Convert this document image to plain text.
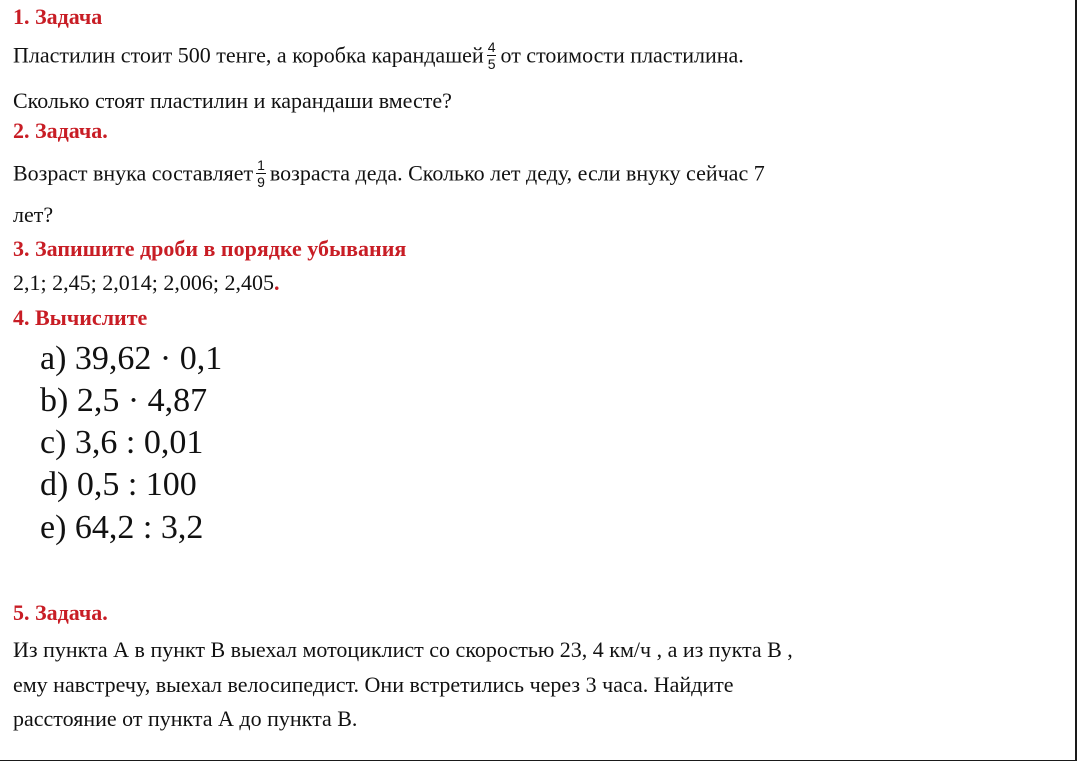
1. Задача
Пластилин стоит 500 тенге, а коробка карандашей $\frac{4}{5}$ от стоимости пластилина.
Сколько стоят пластилин и карандаши вместе?
2. Задача.
Возраст внука составляет $\frac{1}{9}$ возраста деда. Сколько лет деду, если внуку сейчас 7
лет?
3. Запишите дроби в порядке убывания
2,1; 2,45; 2,014; 2,006; 2,405.
4. Вычислите
a) 39,62 · 0,1
b) 2,5 · 4,87
c) 3,6 : 0,01
d) 0,5 : 100
e) 64,2 : 3,2
5. Задача.
Из пункта А в пункт В выехал мотоциклист со скоростью 23, 4 км/ч , а из пукта В ,
ему навстречу, выехал велосипедист. Они встретились через 3 часа. Найдите
расстояние от пункта А до пункта В.
